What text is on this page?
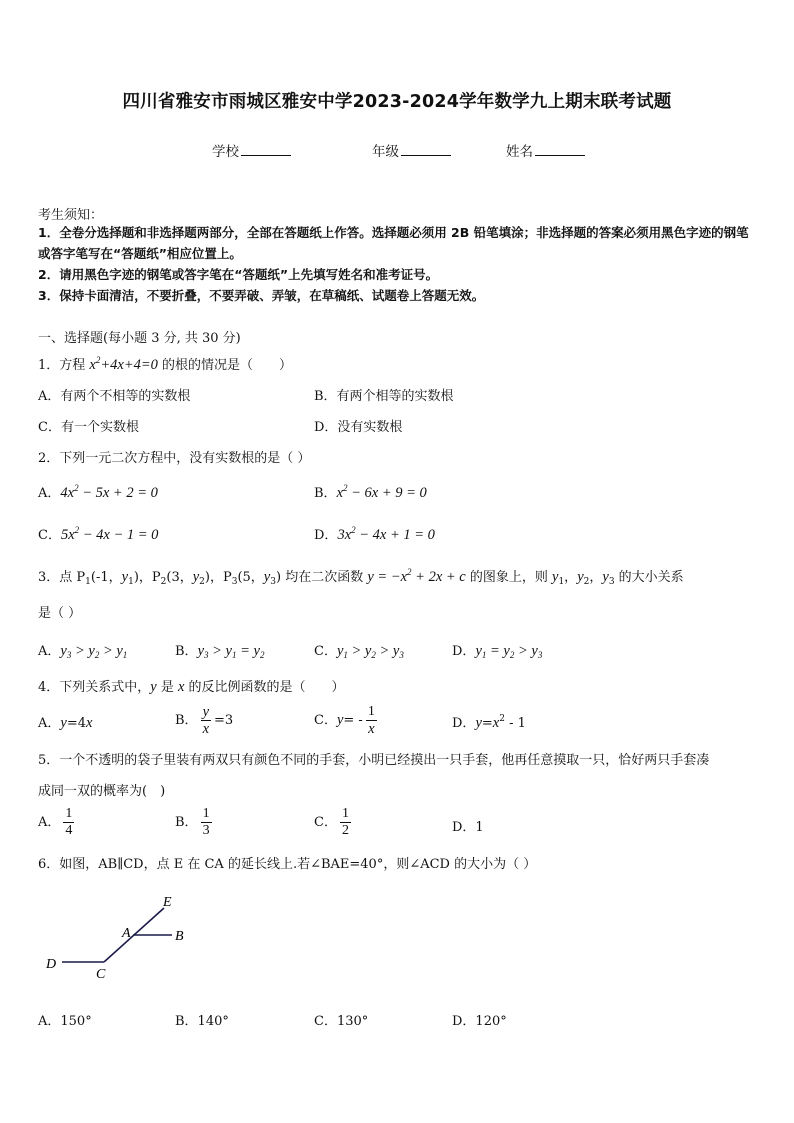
四川省雅安市雨城区雅安中学2023-2024学年数学九上期末联考试题
学校	年级	姓名
考生须知：
1．全卷分选择题和非选择题两部分，全部在答题纸上作答。选择题必须用 2B 铅笔填涂；非选择题的答案必须用黑色字迹的钢笔或答字笔写在“答题纸”相应位置上。
2．请用黑色字迹的钢笔或答字笔在“答题纸”上先填写姓名和准考证号。
3．保持卡面清洁，不要折叠，不要弄破、弄皱，在草稿纸、试题卷上答题无效。
一、选择题(每小题 3 分, 共 30 分)
1．方程 $x^2+4x+4=0$ 的根的情况是（　　）
A．有两个不相等的实数根	B．有两个相等的实数根
C．有一个实数根	D．没有实数根
2．下列一元二次方程中，没有实数根的是（ ）
A．$4x^2 - 5x + 2 = 0$	B．$x^2 - 6x + 9 = 0$
C．$5x^2 - 4x - 1 = 0$	D．$3x^2 - 4x + 1 = 0$
3．点 $P_1(-1$，$y_1$)，$P_2(3$，$y_2$)，$P_3(5$，$y_3$) 均在二次函数 $y = -x^2 + 2x + c$ 的图象上，则 $y_1$，$y_2$，$y_3$ 的大小关系
是（ ）
A．$y_3 > y_2 > y_1$	B．$y_3 > y_1 = y_2$	C．$y_1 > y_2 > y_3$	D．$y_1 = y_2 > y_3$
4．下列关系式中，y 是 x 的反比例函数的是（　　）
A．y=4x	B． $\frac{y}{x} =3$	C．$y= - \frac{1}{x}$	D．$y=x^2 - 1$
5．一个不透明的袋子里装有两双只有颜色不同的手套，小明已经摸出一只手套，他再任意摸取一只，恰好两只手套凑
成同一双的概率为(　)
A． $\frac{1}{4}$	B． $\frac{1}{3}$	C． $\frac{1}{2}$	D．1
6．如图，AB∥CD，点 E 在 CA 的延长线上.若∠BAE=40°，则∠ACD 的大小为（ ）
E
A	B
D
C
A．150°	B．140°	C．130°	D．120°
